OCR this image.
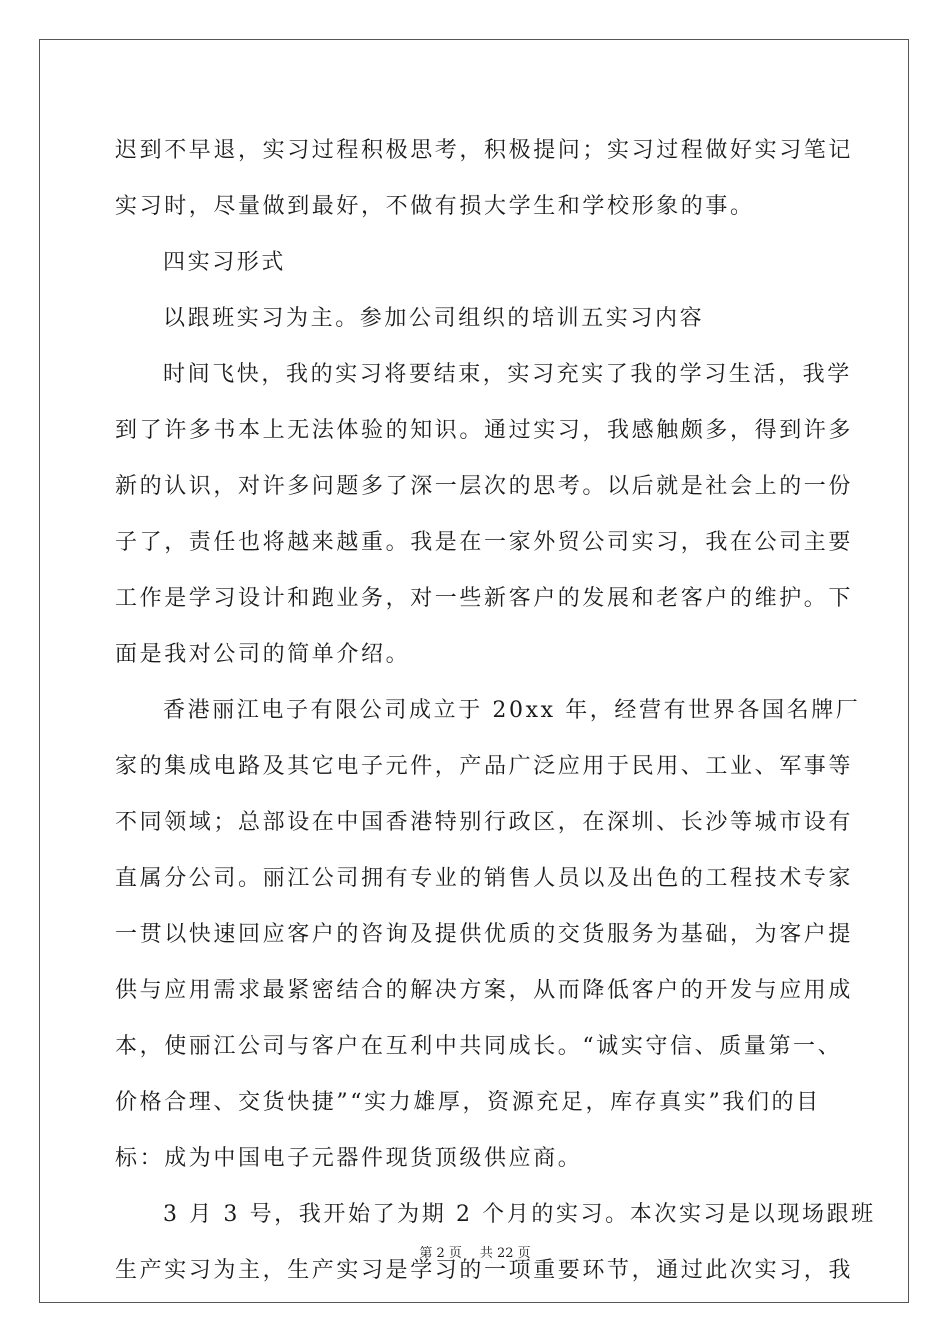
迟到不早退，实习过程积极思考，积极提问；实习过程做好实习笔记
实习时，尽量做到最好，不做有损大学生和学校形象的事。
四实习形式
以跟班实习为主。参加公司组织的培训五实习内容
时间飞快，我的实习将要结束，实习充实了我的学习生活，我学
到了许多书本上无法体验的知识。通过实习，我感触颇多，得到许多
新的认识，对许多问题多了深一层次的思考。以后就是社会上的一份
子了，责任也将越来越重。我是在一家外贸公司实习，我在公司主要
工作是学习设计和跑业务，对一些新客户的发展和老客户的维护。下
面是我对公司的简单介绍。
香港丽江电子有限公司成立于 20xx 年，经营有世界各国名牌厂
家的集成电路及其它电子元件，产品广泛应用于民用、工业、军事等
不同领域；总部设在中国香港特别行政区，在深圳、长沙等城市设有
直属分公司。丽江公司拥有专业的销售人员以及出色的工程技术专家
一贯以快速回应客户的咨询及提供优质的交货服务为基础，为客户提
供与应用需求最紧密结合的解决方案，从而降低客户的开发与应用成
本，使丽江公司与客户在互利中共同成长。“诚实守信、质量第一、
价格合理、交货快捷”“实力雄厚，资源充足，库存真实”我们的目
标：成为中国电子元器件现货顶级供应商。
3 月 3 号，我开始了为期 2 个月的实习。本次实习是以现场跟班
生产实习为主，生产实习是学习的一项重要环节，通过此次实习，我
第 2 页 共 22 页
